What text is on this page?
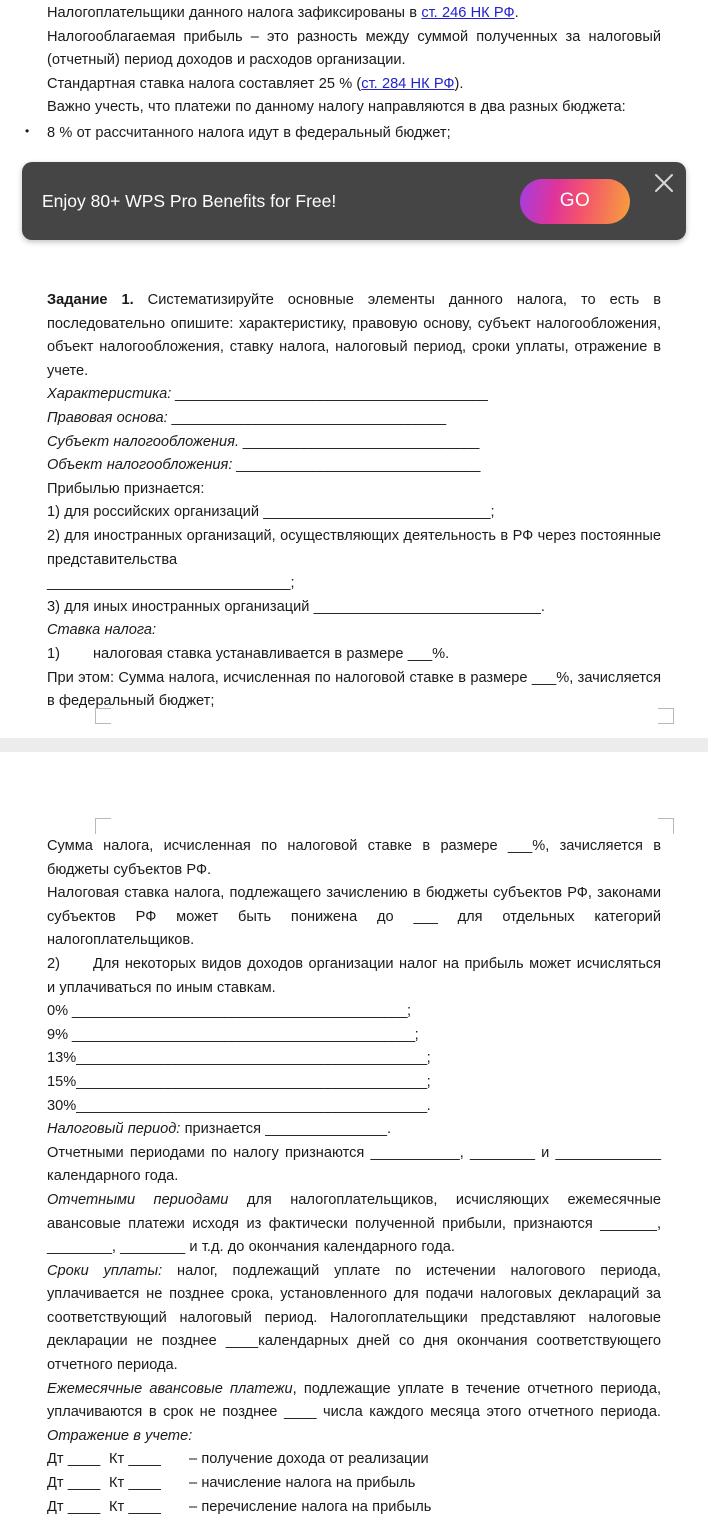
Налогоплательщики данного налога зафиксированы в ст. 246 НК РФ.

Налогооблагаемая прибыль – это разность между суммой полученных за налоговый (отчетный) период доходов и расходов организации.

Стандартная ставка налога составляет 25 % (ст. 284 НК РФ).

Важно учесть, что платежи по данному налогу направляются в два разных бюджета:

• 8 % от рассчитанного налога идут в федеральный бюджет;

Задание 1. Систематизируйте основные элементы данного налога, то есть в последовательно опишите: характеристику, правовую основу, субъект налогообложения, объект налогообложения, ставку налога, налоговый период, сроки уплаты, отражение в учете.

Характеристика: _________________________________________

Правовая основа: ____________________________________

Субъект налогообложения. _______________________________

Объект налогообложения: ________________________________

Прибылью признается:

1) для российских организаций ____________________________;

2) для иностранных организаций, осуществляющих деятельность в РФ через постоянные представительства

______________________________;

3) для иных иностранных организаций ____________________________.

Ставка налога:

1) налоговая ставка устанавливается в размере ___%.

При этом: Сумма налога, исчисленная по налоговой ставке в размере ___%, зачисляется в федеральный бюджет;

Сумма налога, исчисленная по налоговой ставке в размере ___%, зачисляется в бюджеты субъектов РФ.

Налоговая ставка налога, подлежащего зачислению в бюджеты субъектов РФ, законами субъектов РФ может быть понижена до ___ для отдельных категорий налогоплательщиков.

2) Для некоторых видов доходов организации налог на прибыль может исчисляться и уплачиваться по иным ставкам.

0% ____________________________________________;

9% _____________________________________________;

13%______________________________________________;

15%______________________________________________;

30%______________________________________________.

Налоговый период: признается _______________.

Отчетными периодами по налогу признаются ___________, ________ и _____________ календарного года.

Отчетными периодами для налогоплательщиков, исчисляющих ежемесячные авансовые платежи исходя из фактически полученной прибыли, признаются _______, ________, ________ и т.д. до окончания календарного года.

Сроки уплаты: налог, подлежащий уплате по истечении налогового периода, уплачивается не позднее срока, установленного для подачи налоговых деклараций за соответствующий налоговый период. Налогоплательщики представляют налоговые декларации не позднее ____календарных дней со дня окончания соответствующего отчетного периода.

Ежемесячные авансовые платежи, подлежащие уплате в течение отчетного периода, уплачиваются в срок не позднее ____ числа каждого месяца этого отчетного периода. Отражение в учете:

Дт ____ Кт ____ – получение дохода от реализации

Дт ____ Кт ____ – начисление налога на прибыль

Дт ____ Кт ____ – перечисление налога на прибыль

Enjoy 80+ WPS Pro Benefits for Free!	GO
